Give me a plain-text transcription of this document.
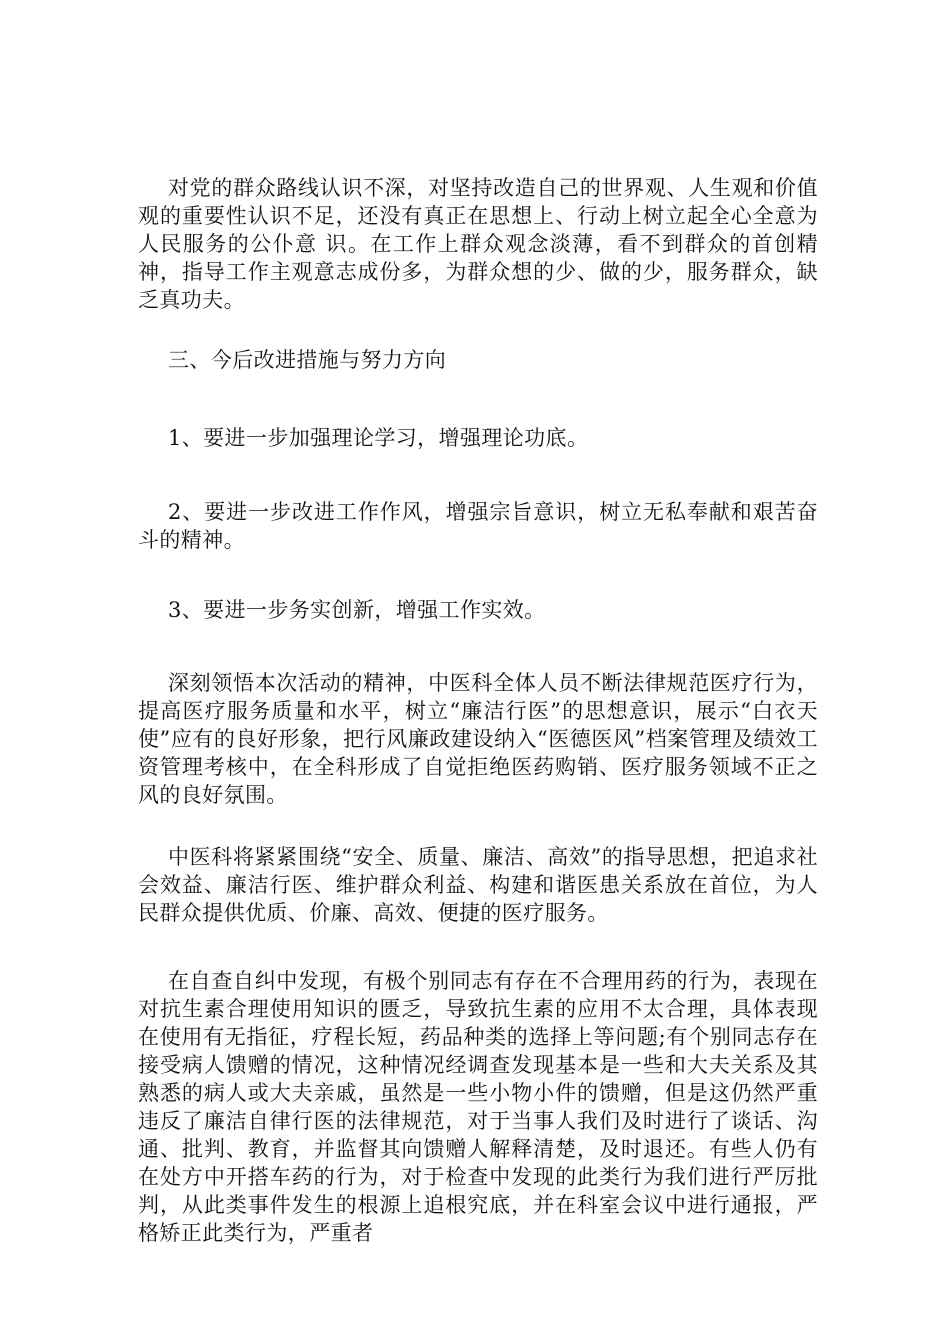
对党的群众路线认识不深，对坚持改造自己的世界观、人生观和价值观的重要性认识不足，还没有真正在思想上、行动上树立起全心全意为人民服务的公仆意 识。在工作上群众观念淡薄，看不到群众的首创精神，指导工作主观意志成份多，为群众想的少、做的少，服务群众，缺乏真功夫。

三、今后改进措施与努力方向

1、要进一步加强理论学习，增强理论功底。

2、要进一步改进工作作风，增强宗旨意识，树立无私奉献和艰苦奋斗的精神。

3、要进一步务实创新，增强工作实效。

深刻领悟本次活动的精神，中医科全体人员不断法律规范医疗行为，提高医疗服务质量和水平，树立“廉洁行医”的思想意识，展示“白衣天使”应有的良好形象，把行风廉政建设纳入“医德医风”档案管理及绩效工资管理考核中，在全科形成了自觉拒绝医药购销、医疗服务领域不正之风的良好氛围。

中医科将紧紧围绕“安全、质量、廉洁、高效”的指导思想，把追求社会效益、廉洁行医、维护群众利益、构建和谐医患关系放在首位，为人民群众提供优质、价廉、高效、便捷的医疗服务。

在自查自纠中发现，有极个别同志有存在不合理用药的行为，表现在对抗生素合理使用知识的匮乏，导致抗生素的应用不太合理，具体表现在使用有无指征，疗程长短，药品种类的选择上等问题;有个别同志存在接受病人馈赠的情况，这种情况经调查发现基本是一些和大夫关系及其熟悉的病人或大夫亲戚，虽然是一些小物小件的馈赠，但是这仍然严重违反了廉洁自律行医的法律规范，对于当事人我们及时进行了谈话、沟通、批判、教育，并监督其向馈赠人解释清楚，及时退还。有些人仍有在处方中开搭车药的行为，对于检查中发现的此类行为我们进行严厉批判，从此类事件发生的根源上追根究底，并在科室会议中进行通报，严格矫正此类行为，严重者
